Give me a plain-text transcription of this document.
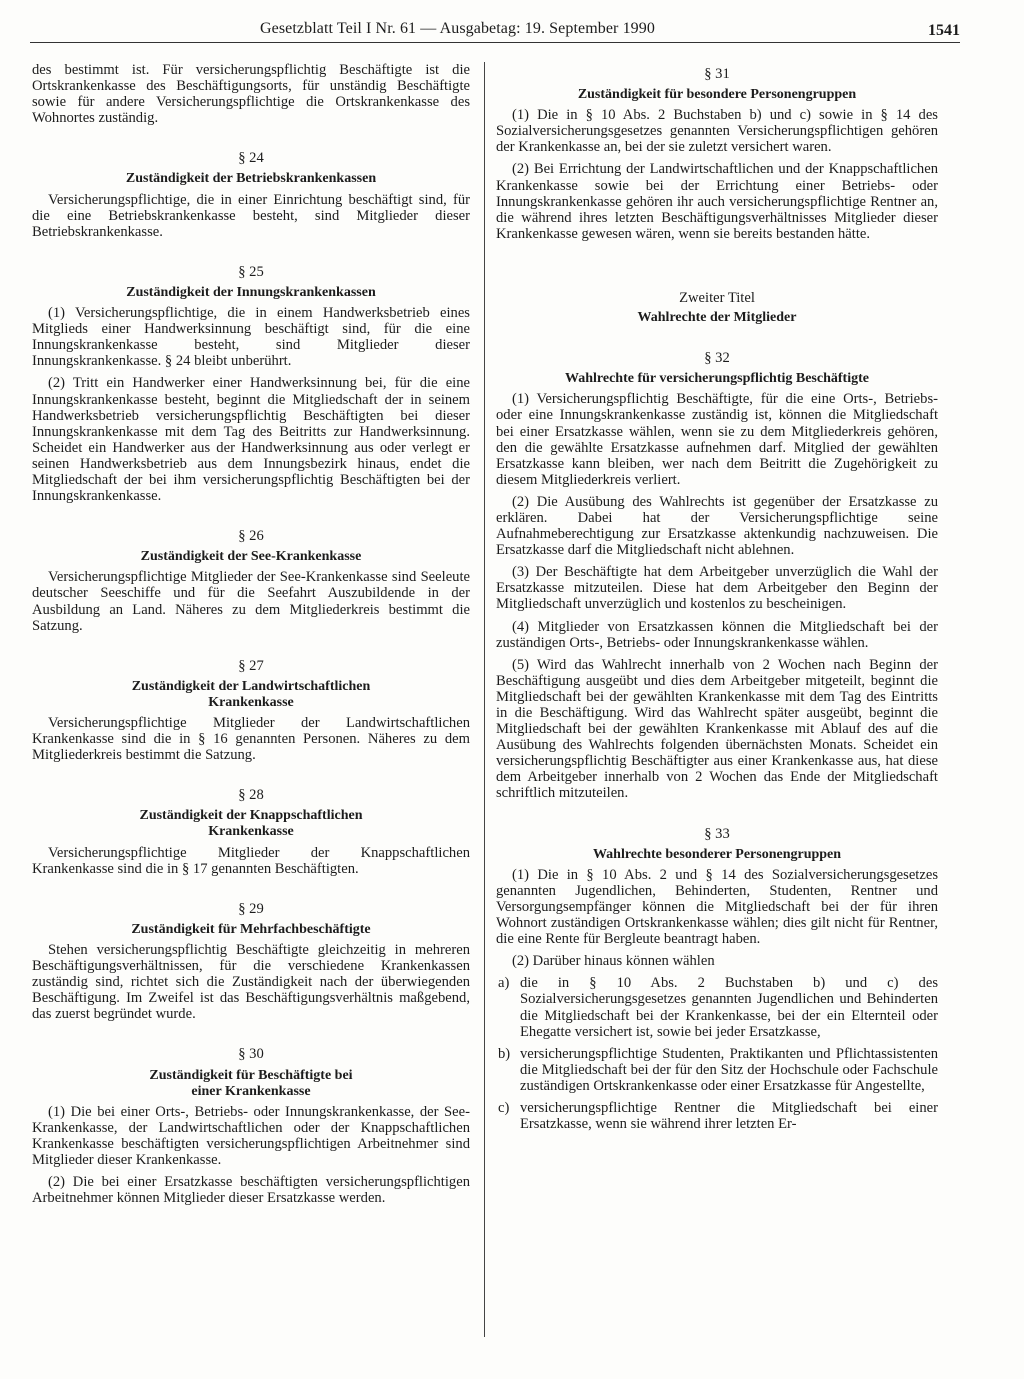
Gesetzblatt Teil I Nr. 61 — Ausgabetag: 19. September 1990	1541

des bestimmt ist. Für versicherungspflichtig Beschäftigte ist die Ortskrankenkasse des Beschäftigungsorts, für unständig Beschäftigte sowie für andere Versicherungspflichtige die Ortskrankenkasse des Wohnortes zuständig.

§ 24
Zuständigkeit der Betriebskrankenkassen

Versicherungspflichtige, die in einer Einrichtung beschäftigt sind, für die eine Betriebskrankenkasse besteht, sind Mitglieder dieser Betriebskrankenkasse.

§ 25
Zuständigkeit der Innungskrankenkassen

(1) Versicherungspflichtige, die in einem Handwerksbetrieb eines Mitglieds einer Handwerksinnung beschäftigt sind, für die eine Innungskrankenkasse besteht, sind Mitglieder dieser Innungskrankenkasse. § 24 bleibt unberührt.

(2) Tritt ein Handwerker einer Handwerksinnung bei, für die eine Innungskrankenkasse besteht, beginnt die Mitgliedschaft der in seinem Handwerksbetrieb versicherungspflichtig Beschäftigten bei dieser Innungskrankenkasse mit dem Tag des Beitritts zur Handwerksinnung. Scheidet ein Handwerker aus der Handwerksinnung aus oder verlegt er seinen Handwerksbetrieb aus dem Innungsbezirk hinaus, endet die Mitgliedschaft der bei ihm versicherungspflichtig Beschäftigten bei der Innungskrankenkasse.

§ 26
Zuständigkeit der See-Krankenkasse

Versicherungspflichtige Mitglieder der See-Krankenkasse sind Seeleute deutscher Seeschiffe und für die Seefahrt Auszubildende in der Ausbildung an Land. Näheres zu dem Mitgliederkreis bestimmt die Satzung.

§ 27
Zuständigkeit der Landwirtschaftlichen
Krankenkasse

Versicherungspflichtige Mitglieder der Landwirtschaftlichen Krankenkasse sind die in § 16 genannten Personen. Näheres zu dem Mitgliederkreis bestimmt die Satzung.

§ 28
Zuständigkeit der Knappschaftlichen
Krankenkasse

Versicherungspflichtige Mitglieder der Knappschaftlichen Krankenkasse sind die in § 17 genannten Beschäftigten.

§ 29
Zuständigkeit für Mehrfachbeschäftigte

Stehen versicherungspflichtig Beschäftigte gleichzeitig in mehreren Beschäftigungsverhältnissen, für die verschiedene Krankenkassen zuständig sind, richtet sich die Zuständigkeit nach der überwiegenden Beschäftigung. Im Zweifel ist das Beschäftigungsverhältnis maßgebend, das zuerst begründet wurde.

§ 30
Zuständigkeit für Beschäftigte bei
einer Krankenkasse

(1) Die bei einer Orts-, Betriebs- oder Innungskrankenkasse, der See-Krankenkasse, der Landwirtschaftlichen oder der Knappschaftlichen Krankenkasse beschäftigten versicherungspflichtigen Arbeitnehmer sind Mitglieder dieser Krankenkasse.

(2) Die bei einer Ersatzkasse beschäftigten versicherungspflichtigen Arbeitnehmer können Mitglieder dieser Ersatzkasse werden.

§ 31
Zuständigkeit für besondere Personengruppen

(1) Die in § 10 Abs. 2 Buchstaben b) und c) sowie in § 14 des Sozialversicherungsgesetzes genannten Versicherungspflichtigen gehören der Krankenkasse an, bei der sie zuletzt versichert waren.

(2) Bei Errichtung der Landwirtschaftlichen und der Knappschaftlichen Krankenkasse sowie bei der Errichtung einer Betriebs- oder Innungskrankenkasse gehören ihr auch versicherungspflichtige Rentner an, die während ihres letzten Beschäftigungsverhältnisses Mitglieder dieser Krankenkasse gewesen wären, wenn sie bereits bestanden hätte.

Zweiter Titel
Wahlrechte der Mitglieder
§ 32
Wahlrechte für versicherungspflichtig Beschäftigte

(1) Versicherungspflichtig Beschäftigte, für die eine Orts-, Betriebs- oder eine Innungskrankenkasse zuständig ist, können die Mitgliedschaft bei einer Ersatzkasse wählen, wenn sie zu dem Mitgliederkreis gehören, den die gewählte Ersatzkasse aufnehmen darf. Mitglied der gewählten Ersatzkasse kann bleiben, wer nach dem Beitritt die Zugehörigkeit zu diesem Mitgliederkreis verliert.

(2) Die Ausübung des Wahlrechts ist gegenüber der Ersatzkasse zu erklären. Dabei hat der Versicherungspflichtige seine Aufnahmeberechtigung zur Ersatzkasse aktenkundig nachzuweisen. Die Ersatzkasse darf die Mitgliedschaft nicht ablehnen.

(3) Der Beschäftigte hat dem Arbeitgeber unverzüglich die Wahl der Ersatzkasse mitzuteilen. Diese hat dem Arbeitgeber den Beginn der Mitgliedschaft unverzüglich und kostenlos zu bescheinigen.

(4) Mitglieder von Ersatzkassen können die Mitgliedschaft bei der zuständigen Orts-, Betriebs- oder Innungskrankenkasse wählen.

(5) Wird das Wahlrecht innerhalb von 2 Wochen nach Beginn der Beschäftigung ausgeübt und dies dem Arbeitgeber mitgeteilt, beginnt die Mitgliedschaft bei der gewählten Krankenkasse mit dem Tag des Eintritts in die Beschäftigung. Wird das Wahlrecht später ausgeübt, beginnt die Mitgliedschaft bei der gewählten Krankenkasse mit Ablauf des auf die Ausübung des Wahlrechts folgenden übernächsten Monats. Scheidet ein versicherungspflichtig Beschäftigter aus einer Krankenkasse aus, hat diese dem Arbeitgeber innerhalb von 2 Wochen das Ende der Mitgliedschaft schriftlich mitzuteilen.

§ 33
Wahlrechte besonderer Personengruppen

(1) Die in § 10 Abs. 2 und § 14 des Sozialversicherungsgesetzes genannten Jugendlichen, Behinderten, Studenten, Rentner und Versorgungsempfänger können die Mitgliedschaft bei der für ihren Wohnort zuständigen Ortskrankenkasse wählen; dies gilt nicht für Rentner, die eine Rente für Bergleute beantragt haben.

(2) Darüber hinaus können wählen

a) die in § 10 Abs. 2 Buchstaben b) und c) des Sozialversicherungsgesetzes genannten Jugendlichen und Behinderten die Mitgliedschaft bei der Krankenkasse, bei der ein Elternteil oder Ehegatte versichert ist, sowie bei jeder Ersatzkasse,
b) versicherungspflichtige Studenten, Praktikanten und Pflichtassistenten die Mitgliedschaft bei der für den Sitz der Hochschule oder Fachschule zuständigen Ortskrankenkasse oder einer Ersatzkasse für Angestellte,
c) versicherungspflichtige Rentner die Mitgliedschaft bei einer Ersatzkasse, wenn sie während ihrer letzten Er-
